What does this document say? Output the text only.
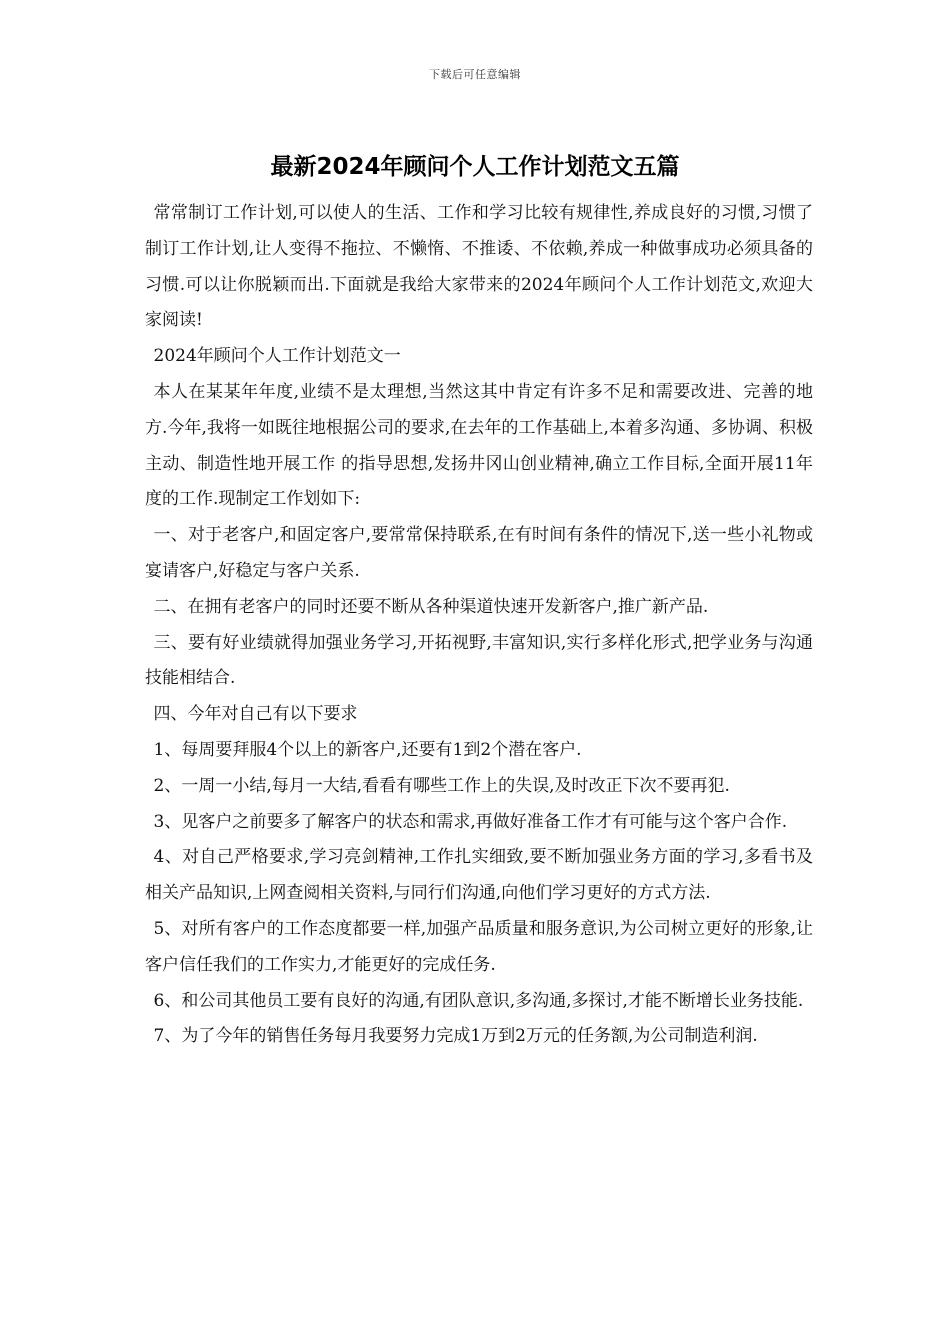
下载后可任意编辑
最新2024年顾问个人工作计划范文五篇

常常制订工作计划,可以使人的生活、工作和学习比较有规律性,养成良好的习惯,习惯了制订工作计划,让人变得不拖拉、不懒惰、不推诿、不依赖,养成一种做事成功必须具备的习惯.可以让你脱颖而出.下面就是我给大家带来的2024年顾问个人工作计划范文,欢迎大家阅读!

2024年顾问个人工作计划范文一

本人在某某年年度,业绩不是太理想,当然这其中肯定有许多不足和需要改进、完善的地方.今年,我将一如既往地根据公司的要求,在去年的工作基础上,本着多沟通、多协调、积极主动、制造性地开展工作 的指导思想,发扬井冈山创业精神,确立工作目标,全面开展11年度的工作.现制定工作划如下:

一、对于老客户,和固定客户,要常常保持联系,在有时间有条件的情况下,送一些小礼物或宴请客户,好稳定与客户关系.

二、在拥有老客户的同时还要不断从各种渠道快速开发新客户,推广新产品.

三、要有好业绩就得加强业务学习,开拓视野,丰富知识,实行多样化形式,把学业务与沟通技能相结合.

四、今年对自己有以下要求

1、每周要拜服4个以上的新客户,还要有1到2个潜在客户.

2、一周一小结,每月一大结,看看有哪些工作上的失误,及时改正下次不要再犯.

3、见客户之前要多了解客户的状态和需求,再做好准备工作才有可能与这个客户合作.

4、对自己严格要求,学习亮剑精神,工作扎实细致,要不断加强业务方面的学习,多看书及相关产品知识,上网查阅相关资料,与同行们沟通,向他们学习更好的方式方法.

5、对所有客户的工作态度都要一样,加强产品质量和服务意识,为公司树立更好的形象,让客户信任我们的工作实力,才能更好的完成任务.

6、和公司其他员工要有良好的沟通,有团队意识,多沟通,多探讨,才能不断增长业务技能.

7、为了今年的销售任务每月我要努力完成1万到2万元的任务额,为公司制造利润.
